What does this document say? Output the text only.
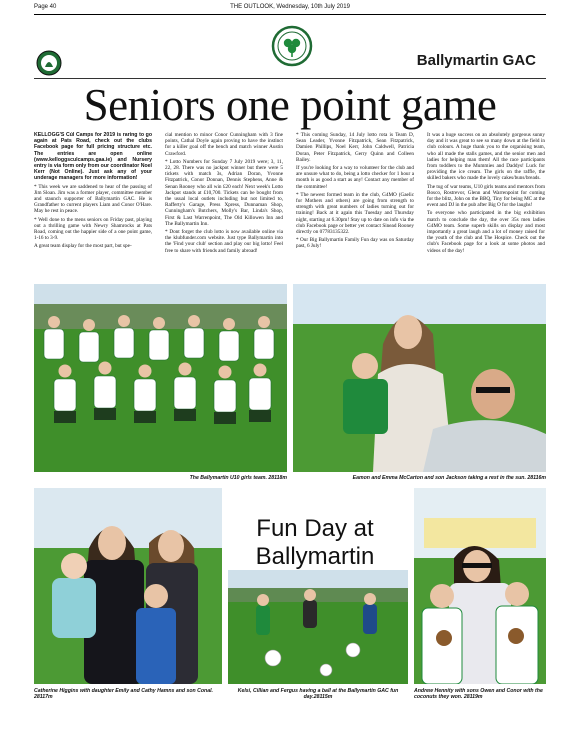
Page 40	THE OUTLOOK, Wednesday, 10th July 2019
Ballymartin GAC
Seniors one point game

KELLOGG'S Cúl Camps for 2019 is raring to go again at Pats Road, check out the clubs Facebook page for full pricing structure etc. The entries are open online (www.kelloggsculcamps.gaa.ie) and Nursery entry is via form only from our coordinator Noel Kerr (Not Online). Just ask any of your underage managers for more information!

* This week we are saddened to hear of the passing of Jim Sloan. Jim was a former player, committee member and staunch supporter of Ballymartin GAC. He is Grandfather to current players Liam and Conor O'Hare. May he rest in peace.

* Well done to the mens seniors on Friday past, playing out a thrilling game with Newry Shamrocks at Pats Road, coming out the happier side of a one point game, 1-16 to 3-9.

A great team display for the most part, but spe-

cial mention to minor Conor Cunningham with 3 fine points, Cathal Doyle again proving to have the instinct for a killer goal off the bench and match winner Austin Crawford.

* Lotto Numbers for Sunday 7 July 2019 were; 3, 11, 22, 28. There was no jackpot winner but there were 5 tickets with match 3s, Adrian Doran, Yvonne Fitzpatrick, Conor Donnan, Dennis Stephens, Anne & Senan Rooney who all win £20 each! Next week's Lotto Jackpot stands at £10,700. Tickets can be bought from the usual local outlets including but not limited to, Rafferty's Garage, Press Xpress, Dunnaman Shop, Cunningham's Butchers, Molly's Bar, Linda's Shop, First & Last Warrenpoint, The Old Killowen Inn and The Ballymartin Inn.

* Dont forget the club lotto is now available online via the klubfunder.com website. Just type Ballymartin into the 'Find your club' section and play our big lotto! Feel free to share with friends and family abroad!

* This coming Sunday, 14 July lotto rota is Team D, Sean Leader, Yvonne Fitzpatrick, Sean Fitzpatrick, Damien Phillips, Noel Kerr, John Caldwell, Patricia Doran, Peter Fitzpatrick, Gerry Quinn and Colleen Bailey.

If you're looking for a way to volunteer for the club and are unsure what to do, being a lotto checker for 1 hour a month is as good a start as any! Contact any member of the committee!

* The newest formed team in the club, G4MO (Gaelic for Mothers and others) are going from strength to strength with great numbers of ladies turning out for training! Back at it again this Tuesday and Thursday night, starting at 6.30pm! Stay up to date on info via the club Facebook page or better yet contact Sinead Rooney directly on 07783135322.

* Our Big Ballymartin Family Fun day was on Saturday past, 6 July!

It was a huge success on an absolutely gorgeous sunny day and it was great to see so many down at the field in club colours. A huge thank you to the organising team, who all made the stalls games, and the senior men and ladies for helping man them! All the race participants from toddlers to the Mummies and Daddys! Luck for providing the ice cream. The girls on the raffle, the skilled bakers who made the lovely cakes/buns/breads.

The tug of war teams, U10 girls teams and mentors from Bosco, Rostrevor, Glenn and Warrenpoint for coming for the blitz, John on the BBQ, Tiny for being MC at the event and DJ in the pub after Big O for the laughs!

To everyone who participated in the big exhibition match to conclude the day, the over 35s men ladies G4MO team. Some superb skills on display and most importantly a great laugh and a lot of money raised for the youth of the club and The Hospice. Check out the club's Facebook page for a look at some photos and videos of the day!

The Ballymartin U10 girls team. 28118m	Eamon and Emma McCarton and son Jackson taking a rest in the sun. 28116m
Catherine Higgins with daughter Emily and Cathy Hamns and son Conal. 28117m
Fun Day at Ballymartin
Kelsi, Cillian and Fergus having a ball at the Ballymartin GAC fun day.28115m
Andrew Hennity with sons Owen and Conor with the coconuts they won. 28119m
